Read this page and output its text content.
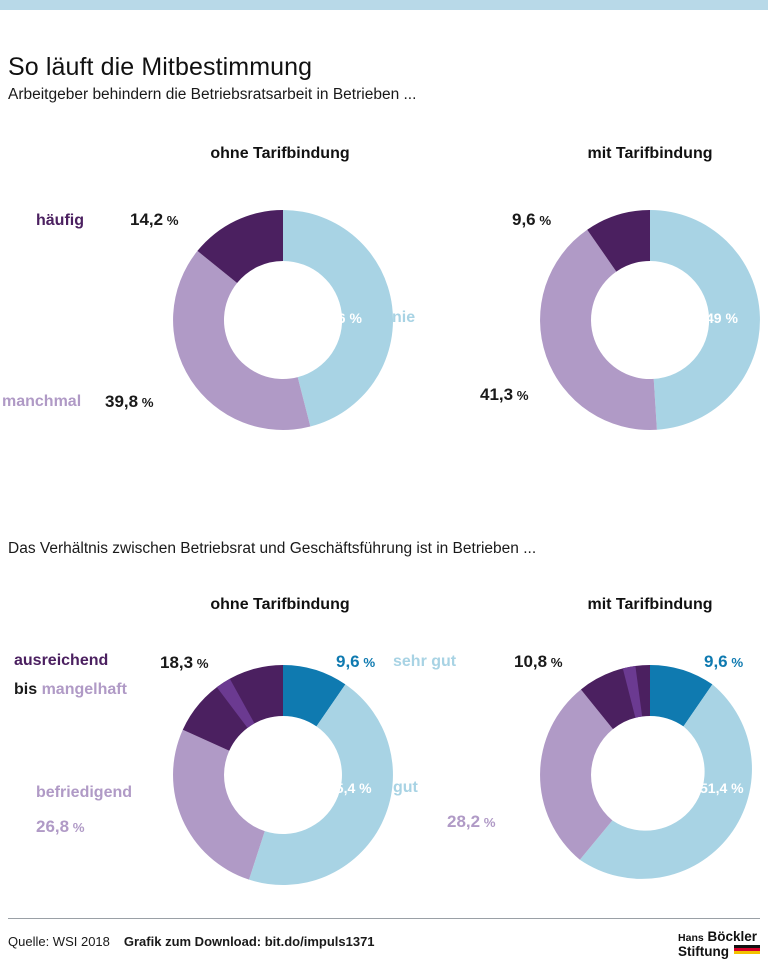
So läuft die Mitbestimmung
Arbeitgeber behindern die Betriebsratsarbeit in Betrieben ...
ohne Tarifbindung	mit Tarifbindung
46 % nie
14,2 %
häufig
39,8 %
manchmal
49 %
9,6 %
41,3 %
Das Verhältnis zwischen Betriebsrat und Geschäftsführung ist in Betrieben ...
ohne Tarifbindung	mit Tarifbindung
9,6 % sehr gut
45,4 % gut
18,3 %
ausreichend
bis mangelhaft
befriedigend
26,8 %
9,6 %
51,4 %
10,8 %
28,2 %
Quelle: WSI 2018 Grafik zum Download: bit.do/impuls1371	Hans Böckler
Stiftung
